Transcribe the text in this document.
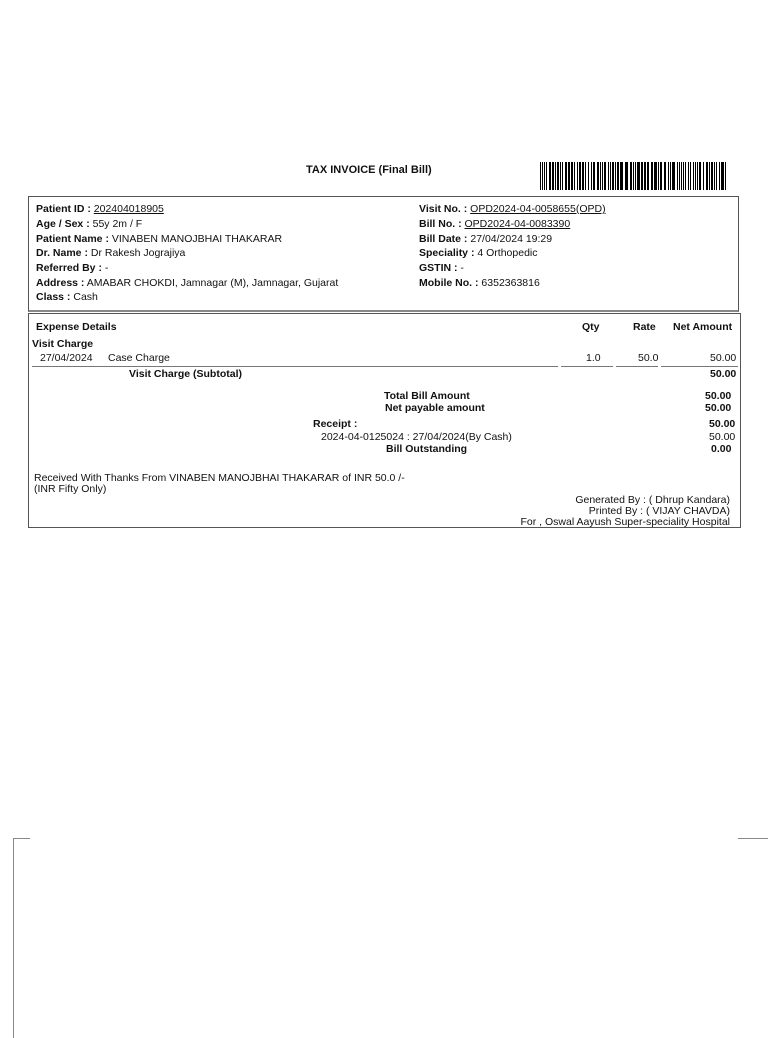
TAX INVOICE (Final Bill)
Patient ID : 202404018905
Age / Sex : 55y 2m / F
Patient Name : VINABEN MANOJBHAI THAKARAR
Dr. Name : Dr Rakesh Jograjiya
Referred By : -
Address : AMABAR CHOKDI, Jamnagar (M), Jamnagar, Gujarat
Class : Cash
Visit No. : OPD2024-04-0058655(OPD)
Bill No. : OPD2024-04-0083390
Bill Date : 27/04/2024 19:29
Speciality : 4 Orthopedic
GSTIN : -
Mobile No. : 6352363816
Expense Details	Qty	Rate Net Amount
Visit Charge
27/04/2024 Case Charge	1.0	50.0	50.00
Visit Charge (Subtotal)	50.00
Total Bill Amount	50.00
Net payable amount	50.00
Receipt :	50.00
2024-04-0125024 : 27/04/2024(By Cash)	50.00
Bill Outstanding	0.00
Received With Thanks From VINABEN MANOJBHAI THAKARAR of INR 50.0 /-
(INR Fifty Only)
Generated By : ( Dhrup Kandara)
Printed By : ( VIJAY CHAVDA)
For , Oswal Aayush Super-speciality Hospital
